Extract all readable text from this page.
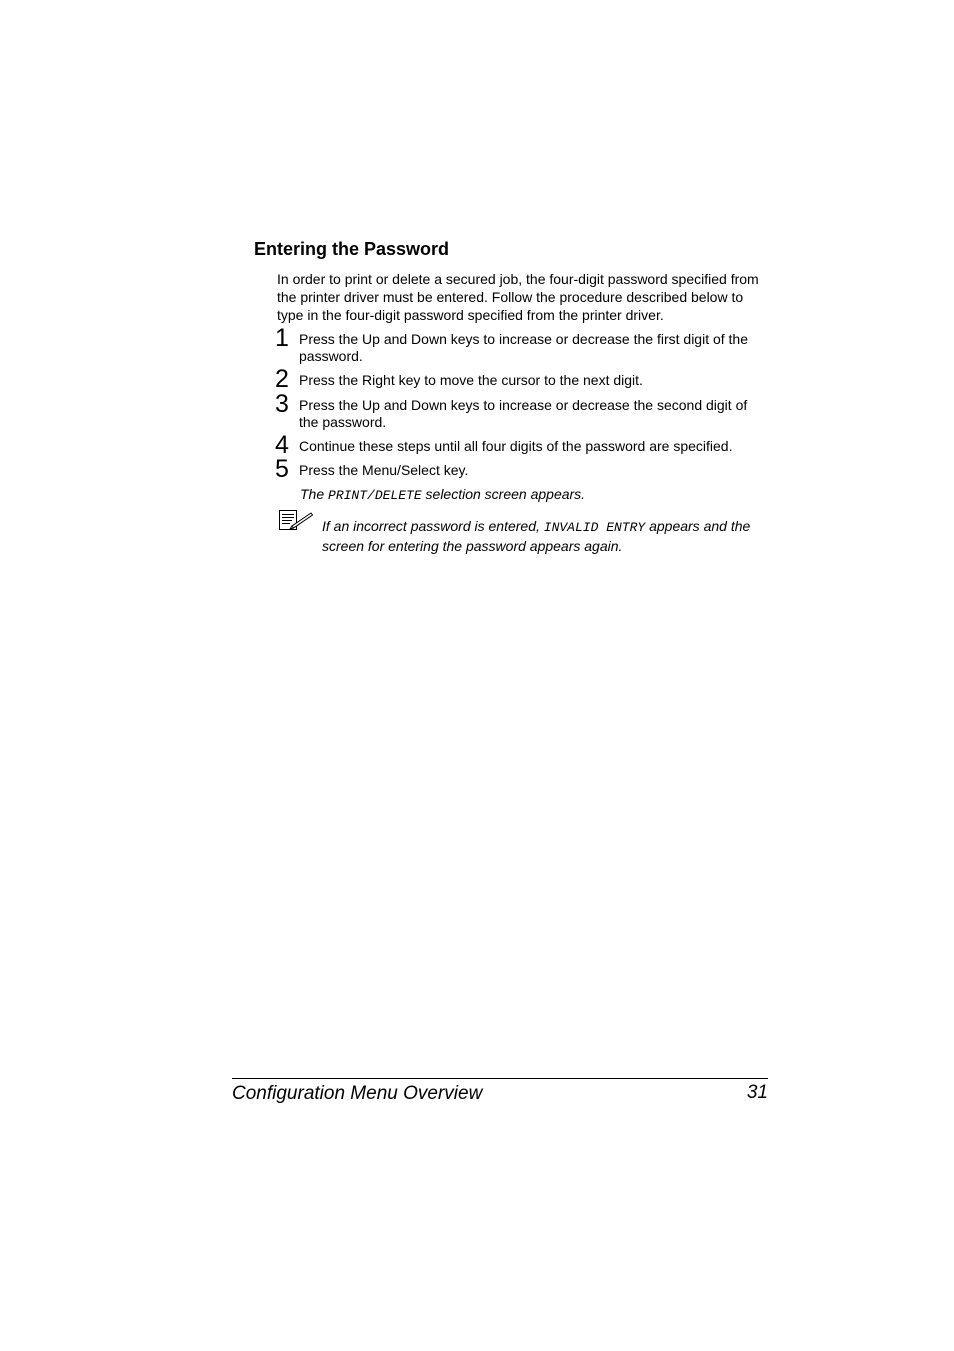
Entering the Password

In order to print or delete a secured job, the four-digit password specified from the printer driver must be entered. Follow the procedure described below to type in the four-digit password specified from the printer driver.

1 Press the Up and Down keys to increase or decrease the first digit of the password.
2 Press the Right key to move the cursor to the next digit.
3 Press the Up and Down keys to increase or decrease the second digit of the password.
4 Continue these steps until all four digits of the password are specified.
5 Press the Menu/Select key.
The PRINT/DELETE selection screen appears.
If an incorrect password is entered, INVALID ENTRY appears and the screen for entering the password appears again.
Configuration Menu Overview	31
